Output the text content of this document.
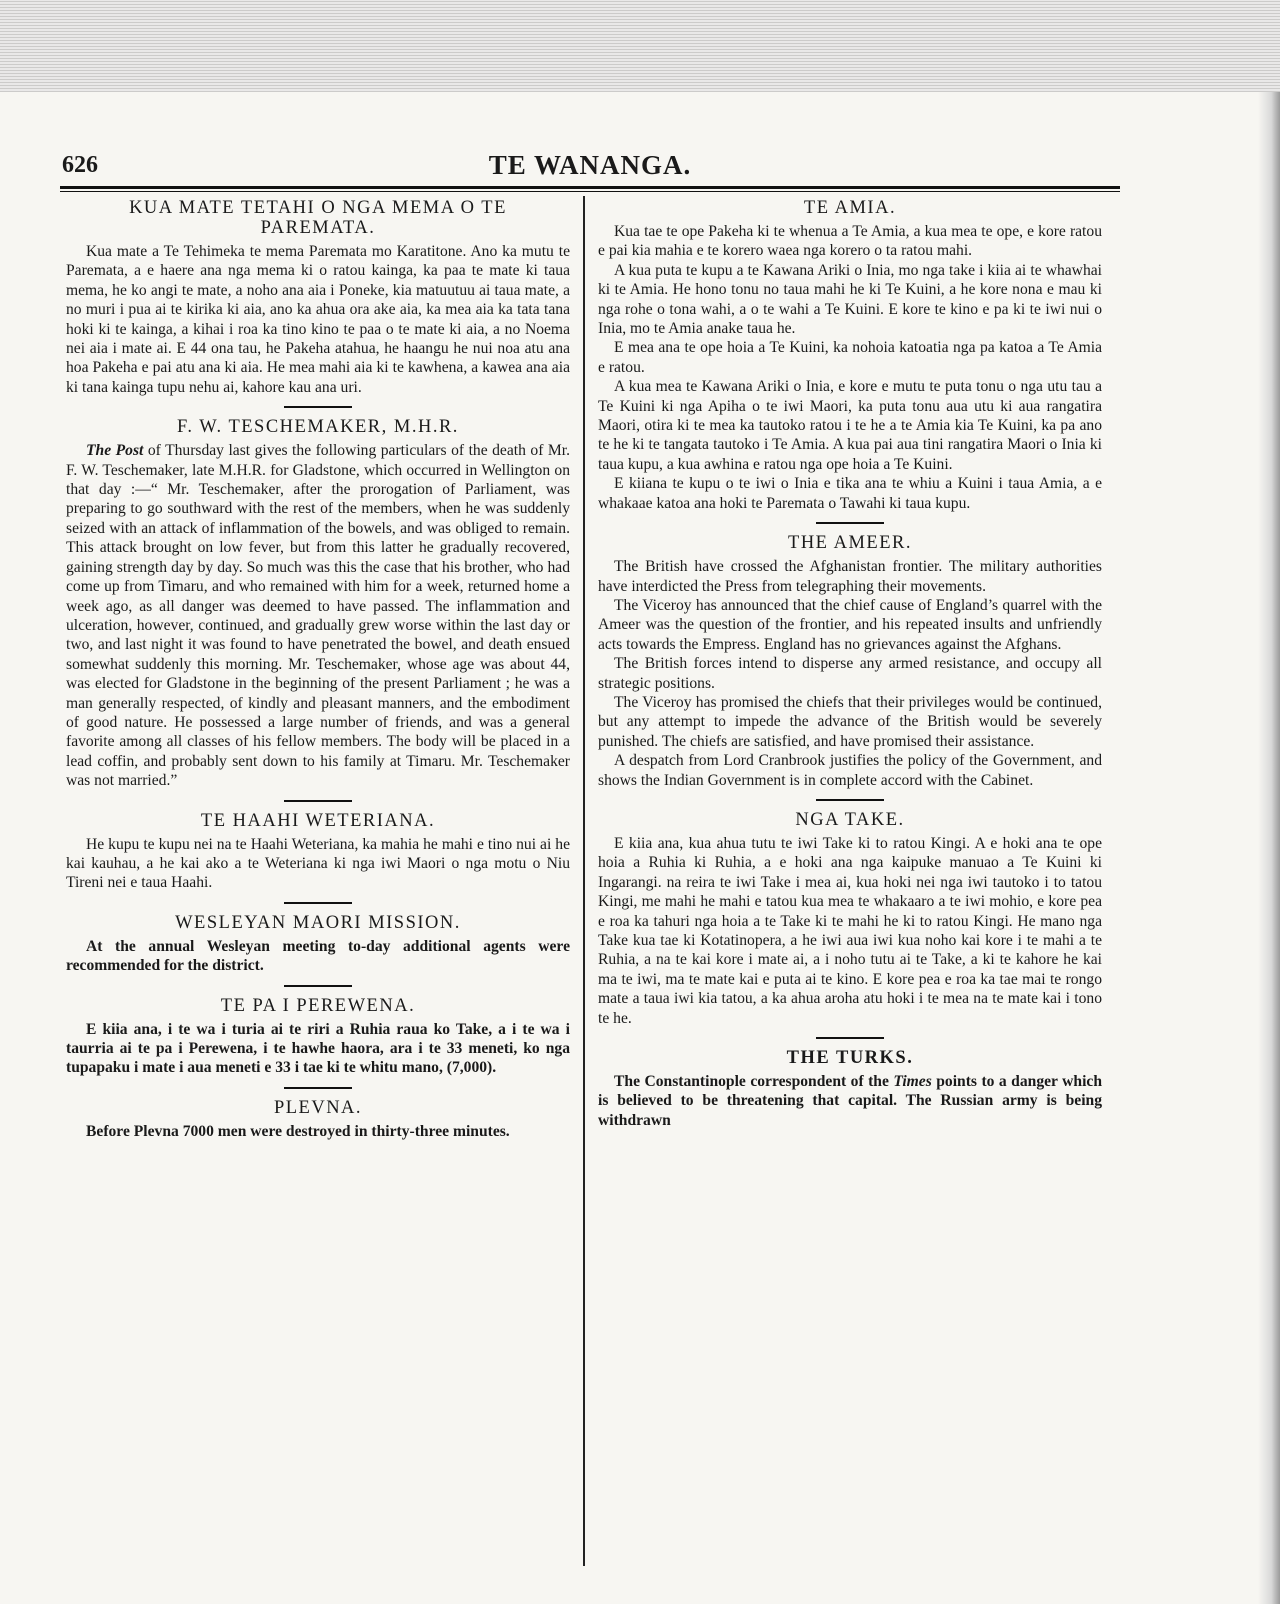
626	TE WANANGA.
KUA MATE TETAHI O NGA MEMA O TE
PAREMATA.

Kua mate a Te Tehimeka te mema Paremata mo Karatitone. Ano ka mutu te Paremata, a e haere ana nga mema ki o ratou kainga, ka paa te mate ki taua mema, he ko angi te mate, a noho ana aia i Poneke, kia matuutuu ai taua mate, a no muri i pua ai te kirika ki aia, ano ka ahua ora ake aia, ka mea aia ka tata tana hoki ki te kainga, a kihai i roa ka tino kino te paa o te mate ki aia, a no Noema nei aia i mate ai. E 44 ona tau, he Pakeha atahua, he haangu he nui noa atu ana hoa Pakeha e pai atu ana ki aia. He mea mahi aia ki te kawhena, a kawea ana aia ki tana kainga tupu nehu ai, kahore kau ana uri.

F. W. TESCHEMAKER, M.H.R.

The Post of Thursday last gives the following particulars of the death of Mr. F. W. Teschemaker, late M.H.R. for Gladstone, which occurred in Wellington on that day :—“ Mr. Teschemaker, after the prorogation of Parliament, was preparing to go southward with the rest of the members, when he was suddenly seized with an attack of inflammation of the bowels, and was obliged to remain. This attack brought on low fever, but from this latter he gradually recovered, gaining strength day by day. So much was this the case that his brother, who had come up from Timaru, and who remained with him for a week, returned home a week ago, as all danger was deemed to have passed. The inflammation and ulceration, however, continued, and gradually grew worse within the last day or two, and last night it was found to have penetrated the bowel, and death ensued somewhat suddenly this morning. Mr. Teschemaker, whose age was about 44, was elected for Gladstone in the beginning of the present Parliament ; he was a man generally respected, of kindly and pleasant manners, and the embodiment of good nature. He possessed a large number of friends, and was a general favorite among all classes of his fellow members. The body will be placed in a lead coffin, and probably sent down to his family at Timaru. Mr. Teschemaker was not married.”

TE HAAHI WETERIANA.

He kupu te kupu nei na te Haahi Weteriana, ka mahia he mahi e tino nui ai he kai kauhau, a he kai ako a te Weteriana ki nga iwi Maori o nga motu o Niu Tireni nei e taua Haahi.

WESLEYAN MAORI MISSION.

At the annual Wesleyan meeting to-day additional agents were recommended for the district.

TE PA I PEREWENA.

E kiia ana, i te wa i turia ai te riri a Ruhia raua ko Take, a i te wa i taurria ai te pa i Perewena, i te hawhe haora, ara i te 33 meneti, ko nga tupapaku i mate i aua meneti e 33 i tae ki te whitu mano, (7,000).

PLEVNA.

Before Plevna 7000 men were destroyed in thirty-three minutes.

TE AMIA.

Kua tae te ope Pakeha ki te whenua a Te Amia, a kua mea te ope, e kore ratou e pai kia mahia e te korero waea nga korero o ta ratou mahi.

A kua puta te kupu a te Kawana Ariki o Inia, mo nga take i kiia ai te whawhai ki te Amia. He hono tonu no taua mahi he ki Te Kuini, a he kore nona e mau ki nga rohe o tona wahi, a o te wahi a Te Kuini. E kore te kino e pa ki te iwi nui o Inia, mo te Amia anake taua he.

E mea ana te ope hoia a Te Kuini, ka nohoia katoatia nga pa katoa a Te Amia e ratou.

A kua mea te Kawana Ariki o Inia, e kore e mutu te puta tonu o nga utu tau a Te Kuini ki nga Apiha o te iwi Maori, ka puta tonu aua utu ki aua rangatira Maori, otira ki te mea ka tautoko ratou i te he a te Amia kia Te Kuini, ka pa ano te he ki te tangata tautoko i Te Amia. A kua pai aua tini rangatira Maori o Inia ki taua kupu, a kua awhina e ratou nga ope hoia a Te Kuini.

E kiiana te kupu o te iwi o Inia e tika ana te whiu a Kuini i taua Amia, a e whakaae katoa ana hoki te Paremata o Tawahi ki taua kupu.

THE AMEER.

The British have crossed the Afghanistan frontier. The military authorities have interdicted the Press from telegraphing their movements.

The Viceroy has announced that the chief cause of England’s quarrel with the Ameer was the question of the frontier, and his repeated insults and unfriendly acts towards the Empress. England has no grievances against the Afghans.

The British forces intend to disperse any armed resistance, and occupy all strategic positions.

The Viceroy has promised the chiefs that their privileges would be continued, but any attempt to impede the advance of the British would be severely punished. The chiefs are satisfied, and have promised their assistance.

A despatch from Lord Cranbrook justifies the policy of the Government, and shows the Indian Government is in complete accord with the Cabinet.

NGA TAKE.

E kiia ana, kua ahua tutu te iwi Take ki to ratou Kingi. A e hoki ana te ope hoia a Ruhia ki Ruhia, a e hoki ana nga kaipuke manuao a Te Kuini ki Ingarangi. na reira te iwi Take i mea ai, kua hoki nei nga iwi tautoko i to tatou Kingi, me mahi he mahi e tatou kua mea te whakaaro a te iwi mohio, e kore pea e roa ka tahuri nga hoia a te Take ki te mahi he ki to ratou Kingi. He mano nga Take kua tae ki Kotatinopera, a he iwi aua iwi kua noho kai kore i te mahi a te Ruhia, a na te kai kore i mate ai, a i noho tutu ai te Take, a ki te kahore he kai ma te iwi, ma te mate kai e puta ai te kino. E kore pea e roa ka tae mai te rongo mate a taua iwi kia tatou, a ka ahua aroha atu hoki i te mea na te mate kai i tono te he.

THE TURKS.

The Constantinople correspondent of the Times points to a danger which is believed to be threatening that capital. The Russian army is being withdrawn
